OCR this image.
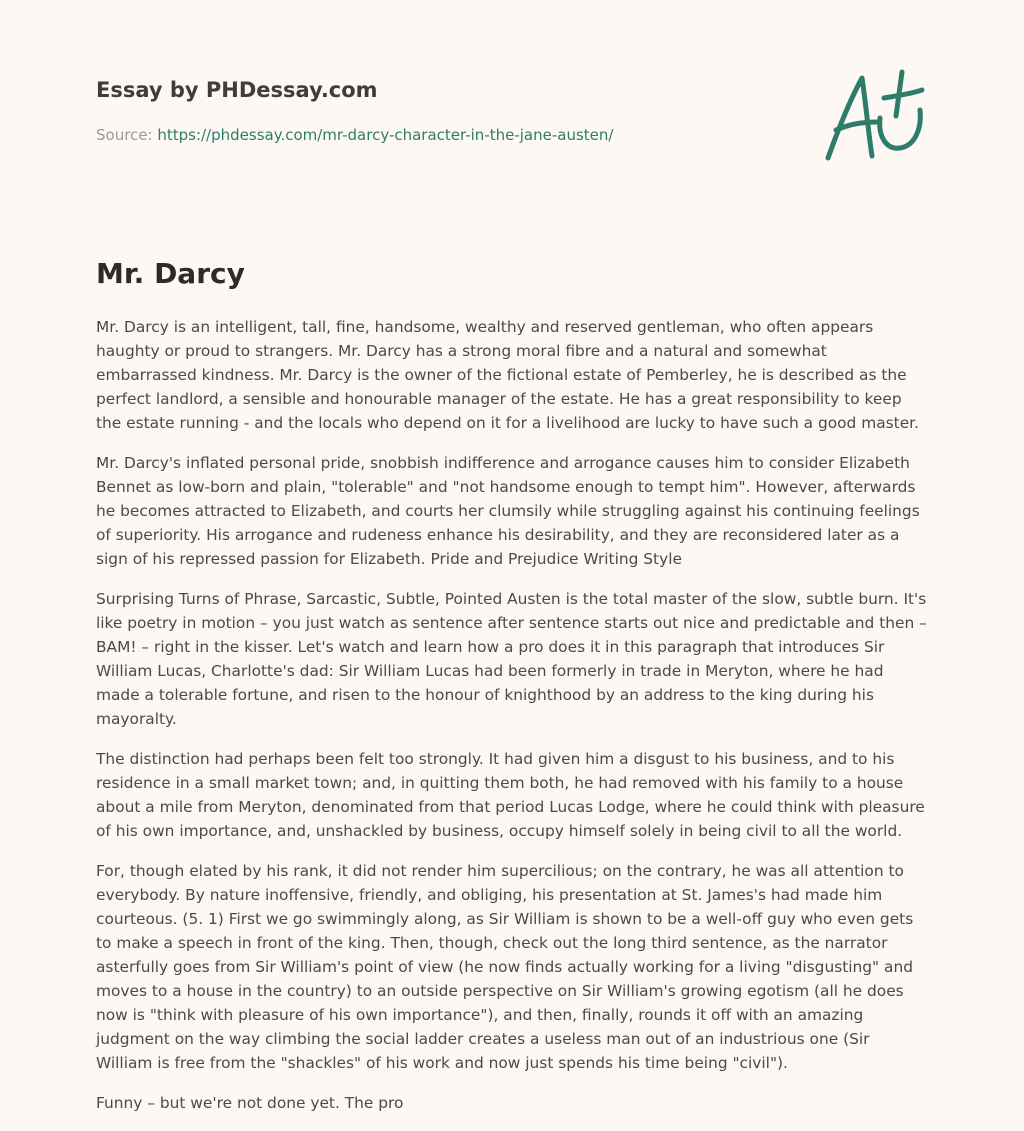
Essay by PHDessay.com
Source: https://phdessay.com/mr-darcy-character-in-the-jane-austen/
Mr. Darcy

Mr. Darcy is an intelligent, tall, fine, handsome, wealthy and reserved gentleman, who often appears haughty or proud to strangers. Mr. Darcy has a strong moral fibre and a natural and somewhat embarrassed kindness. Mr. Darcy is the owner of the fictional estate of Pemberley, he is described as the perfect landlord, a sensible and honourable manager of the estate. He has a great responsibility to keep the estate running - and the locals who depend on it for a livelihood are lucky to have such a good master.

Mr. Darcy's inflated personal pride, snobbish indifference and arrogance causes him to consider Elizabeth Bennet as low-born and plain, "tolerable" and "not handsome enough to tempt him". However, afterwards he becomes attracted to Elizabeth, and courts her clumsily while struggling against his continuing feelings of superiority. His arrogance and rudeness enhance his desirability, and they are reconsidered later as a sign of his repressed passion for Elizabeth. Pride and Prejudice Writing Style

Surprising Turns of Phrase, Sarcastic, Subtle, Pointed Austen is the total master of the slow, subtle burn. It's like poetry in motion – you just watch as sentence after sentence starts out nice and predictable and then – BAM! – right in the kisser. Let's watch and learn how a pro does it in this paragraph that introduces Sir William Lucas, Charlotte's dad: Sir William Lucas had been formerly in trade in Meryton, where he had made a tolerable fortune, and risen to the honour of knighthood by an address to the king during his mayoralty.

The distinction had perhaps been felt too strongly. It had given him a disgust to his business, and to his residence in a small market town; and, in quitting them both, he had removed with his family to a house about a mile from Meryton, denominated from that period Lucas Lodge, where he could think with pleasure of his own importance, and, unshackled by business, occupy himself solely in being civil to all the world.

For, though elated by his rank, it did not render him supercilious; on the contrary, he was all attention to everybody. By nature inoffensive, friendly, and obliging, his presentation at St. James's had made him courteous. (5. 1) First we go swimmingly along, as Sir William is shown to be a well-off guy who even gets to make a speech in front of the king. Then, though, check out the long third sentence, as the narrator asterfully goes from Sir William's point of view (he now finds actually working for a living "disgusting" and moves to a house in the country) to an outside perspective on Sir William's growing egotism (all he does now is "think with pleasure of his own importance"), and then, finally, rounds it off with an amazing judgment on the way climbing the social ladder creates a useless man out of an industrious one (Sir William is free from the "shackles" of his work and now just spends his time being "civil").

Funny – but we're not done yet. The pro
